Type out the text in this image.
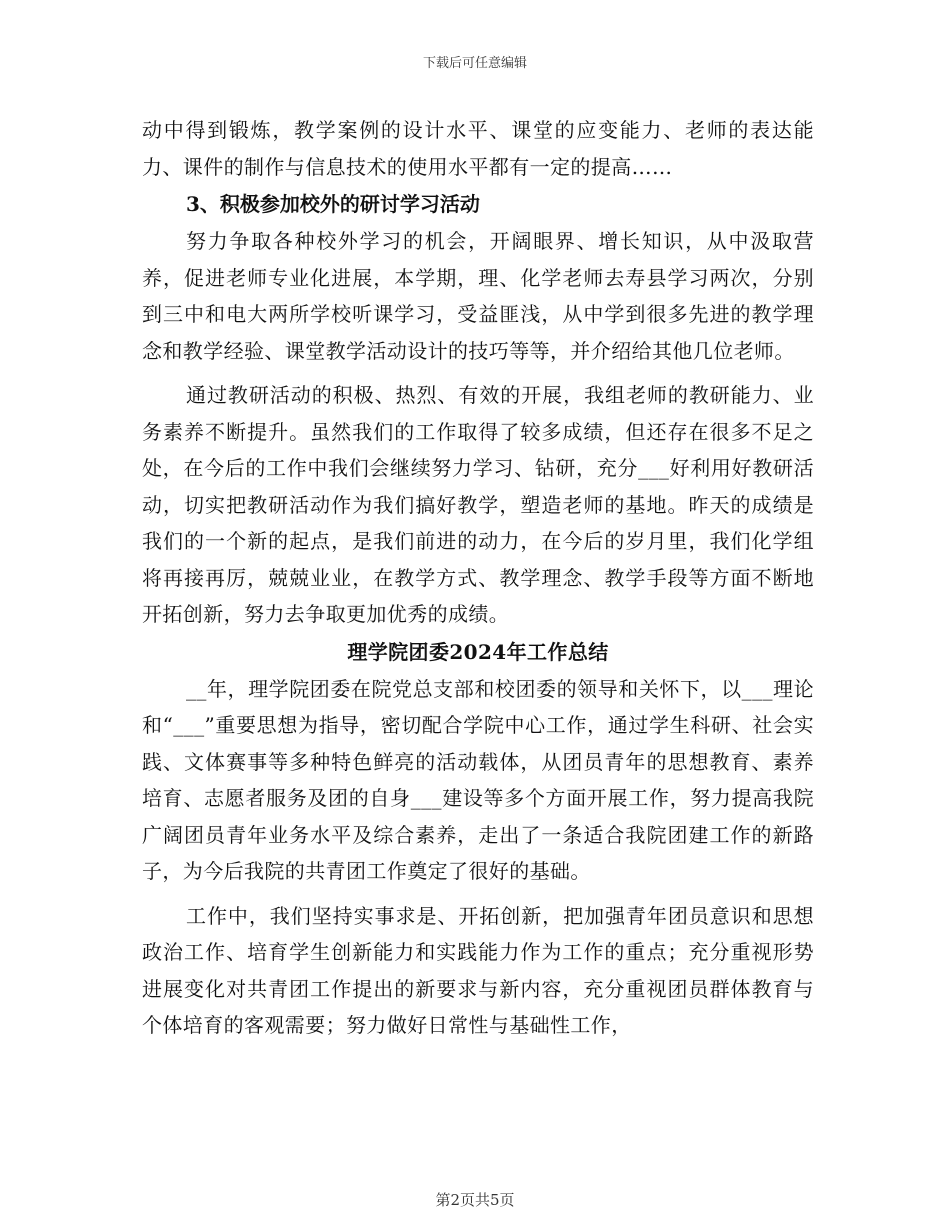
下载后可任意编辑

动中得到锻炼，教学案例的设计水平、课堂的应变能力、老师的表达能力、课件的制作与信息技术的使用水平都有一定的提高……

3、积极参加校外的研讨学习活动

努力争取各种校外学习的机会，开阔眼界、增长知识，从中汲取营养，促进老师专业化进展，本学期，理、化学老师去寿县学习两次，分别到三中和电大两所学校听课学习，受益匪浅，从中学到很多先进的教学理念和教学经验、课堂教学活动设计的技巧等等，并介绍给其他几位老师。

通过教研活动的积极、热烈、有效的开展，我组老师的教研能力、业务素养不断提升。虽然我们的工作取得了较多成绩，但还存在很多不足之处，在今后的工作中我们会继续努力学习、钻研，充分___好利用好教研活动，切实把教研活动作为我们搞好教学，塑造老师的基地。昨天的成绩是我们的一个新的起点，是我们前进的动力，在今后的岁月里，我们化学组将再接再厉，兢兢业业，在教学方式、教学理念、教学手段等方面不断地开拓创新，努力去争取更加优秀的成绩。

理学院团委2024年工作总结

__年，理学院团委在院党总支部和校团委的领导和关怀下，以___理论和“___”重要思想为指导，密切配合学院中心工作，通过学生科研、社会实践、文体赛事等多种特色鲜亮的活动载体，从团员青年的思想教育、素养培育、志愿者服务及团的自身___建设等多个方面开展工作，努力提高我院广阔团员青年业务水平及综合素养，走出了一条适合我院团建工作的新路子，为今后我院的共青团工作奠定了很好的基础。

工作中，我们坚持实事求是、开拓创新，把加强青年团员意识和思想政治工作、培育学生创新能力和实践能力作为工作的重点；充分重视形势进展变化对共青团工作提出的新要求与新内容，充分重视团员群体教育与个体培育的客观需要；努力做好日常性与基础性工作，

第2页共5页
